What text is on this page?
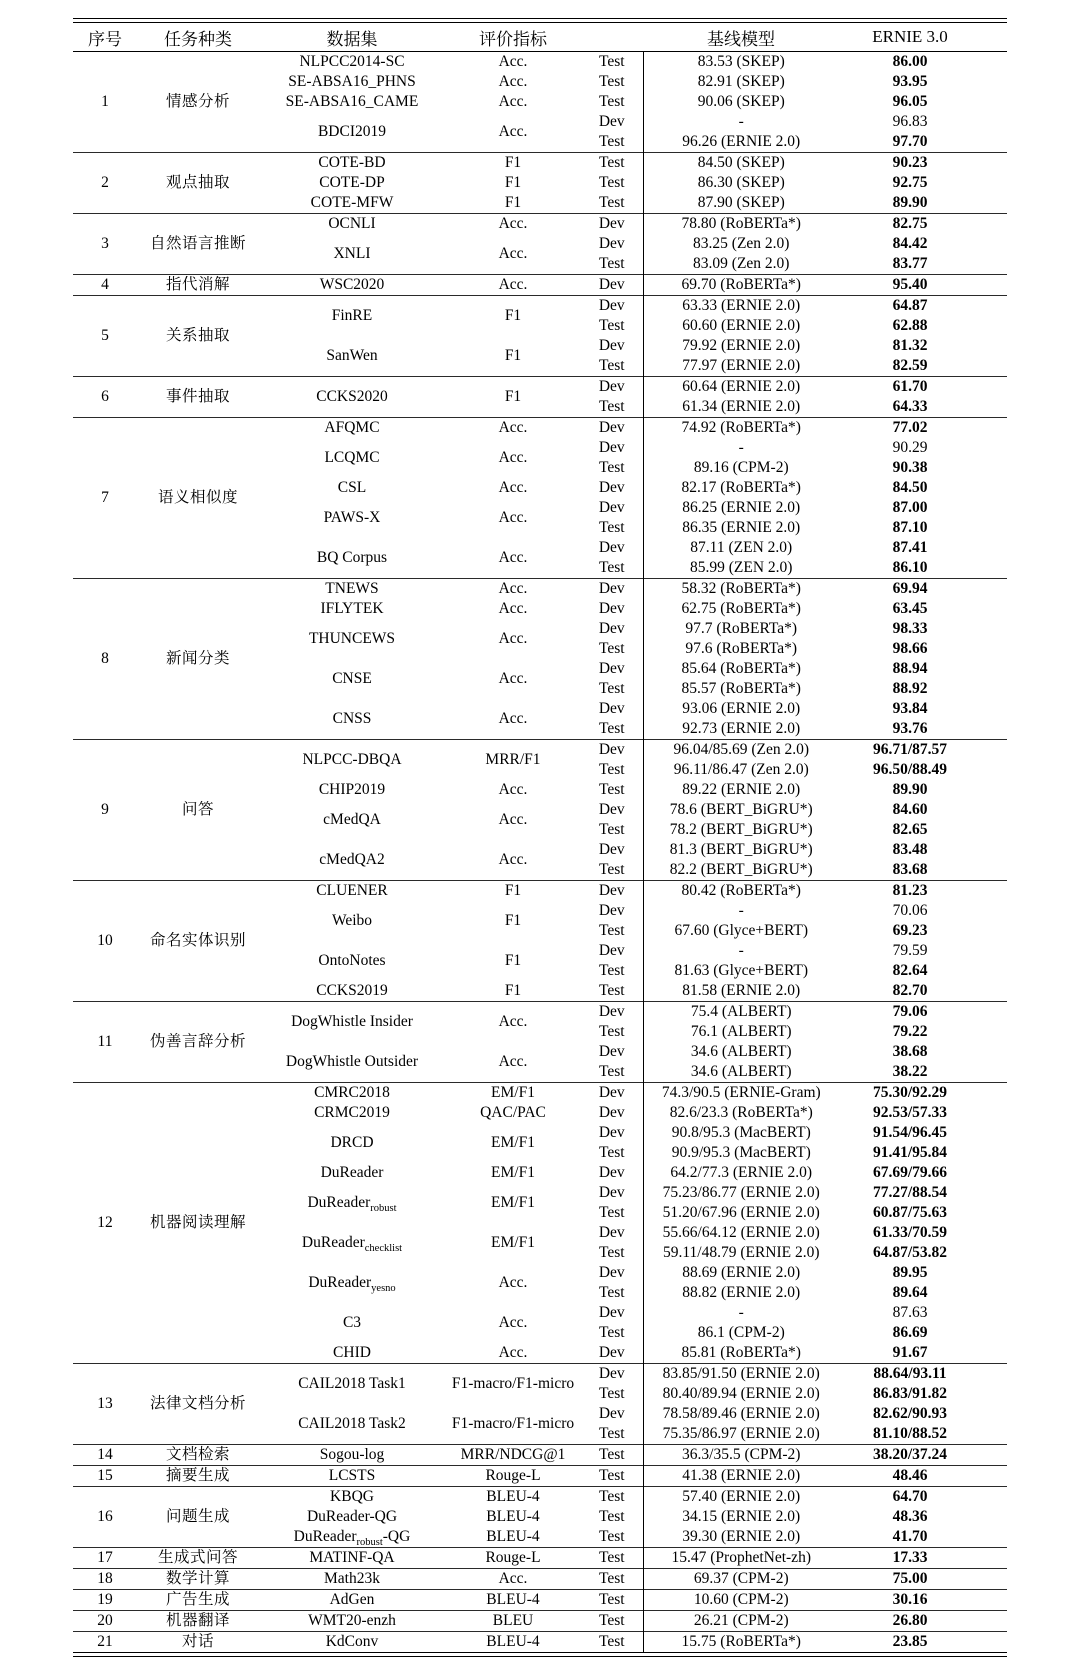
序号	任务种类	数据集	评价指标		基线模型	ERNIE 3.0
1	情感分析	NLPCC2014-SC	Acc.	Test	83.53 (SKEP)	86.00
		SE-ABSA16_PHNS	Acc.	Test	82.91 (SKEP)	93.95
		SE-ABSA16_CAME	Acc.	Test	90.06 (SKEP)	96.05
		BDCI2019	Acc.	Dev	-	96.83
				Test	96.26 (ERNIE 2.0)	97.70
2	观点抽取	COTE-BD	F1	Test	84.50 (SKEP)	90.23
		COTE-DP	F1	Test	86.30 (SKEP)	92.75
		COTE-MFW	F1	Test	87.90 (SKEP)	89.90
3	自然语言推断	OCNLI	Acc.	Dev	78.80 (RoBERTa*)	82.75
		XNLI	Acc.	Dev	83.25 (Zen 2.0)	84.42
				Test	83.09 (Zen 2.0)	83.77
4	指代消解	WSC2020	Acc.	Dev	69.70 (RoBERTa*)	95.40
5	关系抽取	FinRE	F1	Dev	63.33 (ERNIE 2.0)	64.87
				Test	60.60 (ERNIE 2.0)	62.88
		SanWen	F1	Dev	79.92 (ERNIE 2.0)	81.32
				Test	77.97 (ERNIE 2.0)	82.59
6	事件抽取	CCKS2020	F1	Dev	60.64 (ERNIE 2.0)	61.70
				Test	61.34 (ERNIE 2.0)	64.33
7	语义相似度	AFQMC	Acc.	Dev	74.92 (RoBERTa*)	77.02
		LCQMC	Acc.	Dev	-	90.29
				Test	89.16 (CPM-2)	90.38
		CSL	Acc.	Dev	82.17 (RoBERTa*)	84.50
		PAWS-X	Acc.	Dev	86.25 (ERNIE 2.0)	87.00
				Test	86.35 (ERNIE 2.0)	87.10
		BQ Corpus	Acc.	Dev	87.11 (ZEN 2.0)	87.41
				Test	85.99 (ZEN 2.0)	86.10
8	新闻分类	TNEWS	Acc.	Dev	58.32 (RoBERTa*)	69.94
		IFLYTEK	Acc.	Dev	62.75 (RoBERTa*)	63.45
		THUNCEWS	Acc.	Dev	97.7 (RoBERTa*)	98.33
				Test	97.6 (RoBERTa*)	98.66
		CNSE	Acc.	Dev	85.64 (RoBERTa*)	88.94
				Test	85.57 (RoBERTa*)	88.92
		CNSS	Acc.	Dev	93.06 (ERNIE 2.0)	93.84
				Test	92.73 (ERNIE 2.0)	93.76
9	问答	NLPCC-DBQA	MRR/F1	Dev	96.04/85.69 (Zen 2.0)	96.71/87.57
				Test	96.11/86.47 (Zen 2.0)	96.50/88.49
		CHIP2019	Acc.	Test	89.22 (ERNIE 2.0)	89.90
		cMedQA	Acc.	Dev	78.6 (BERT_BiGRU*)	84.60
				Test	78.2 (BERT_BiGRU*)	82.65
		cMedQA2	Acc.	Dev	81.3 (BERT_BiGRU*)	83.48
				Test	82.2 (BERT_BiGRU*)	83.68
10	命名实体识别	CLUENER	F1	Dev	80.42 (RoBERTa*)	81.23
		Weibo	F1	Dev	-	70.06
				Test	67.60 (Glyce+BERT)	69.23
		OntoNotes	F1	Dev	-	79.59
				Test	81.63 (Glyce+BERT)	82.64
		CCKS2019	F1	Test	81.58 (ERNIE 2.0)	82.70
11	伪善言辞分析	DogWhistle Insider	Acc.	Dev	75.4 (ALBERT)	79.06
				Test	76.1 (ALBERT)	79.22
		DogWhistle Outsider	Acc.	Dev	34.6 (ALBERT)	38.68
				Test	34.6 (ALBERT)	38.22
12	机器阅读理解	CMRC2018	EM/F1	Dev	74.3/90.5 (ERNIE-Gram)	75.30/92.29
		CRMC2019	QAC/PAC	Dev	82.6/23.3 (RoBERTa*)	92.53/57.33
		DRCD	EM/F1	Dev	90.8/95.3 (MacBERT)	91.54/96.45
				Test	90.9/95.3 (MacBERT)	91.41/95.84
		DuReader	EM/F1	Dev	64.2/77.3 (ERNIE 2.0)	67.69/79.66
		DuReader$_{robust}$	EM/F1	Dev	75.23/86.77 (ERNIE 2.0)	77.27/88.54
				Test	51.20/67.96 (ERNIE 2.0)	60.87/75.63
		DuReader$_{checklist}$	EM/F1	Dev	55.66/64.12 (ERNIE 2.0)	61.33/70.59
				Test	59.11/48.79 (ERNIE 2.0)	64.87/53.82
		DuReader$_{yesno}$	Acc.	Dev	88.69 (ERNIE 2.0)	89.95
				Test	88.82 (ERNIE 2.0)	89.64
		C3	Acc.	Dev	-	87.63
				Test	86.1 (CPM-2)	86.69
		CHID	Acc.	Dev	85.81 (RoBERTa*)	91.67
13	法律文档分析	CAIL2018 Task1	F1-macro/F1-micro	Dev	83.85/91.50 (ERNIE 2.0)	88.64/93.11
				Test	80.40/89.94 (ERNIE 2.0)	86.83/91.82
		CAIL2018 Task2	F1-macro/F1-micro	Dev	78.58/89.46 (ERNIE 2.0)	82.62/90.93
				Test	75.35/86.97 (ERNIE 2.0)	81.10/88.52
14	文档检索	Sogou-log	MRR/NDCG@1	Test	36.3/35.5 (CPM-2)	38.20/37.24
15	摘要生成	LCSTS	Rouge-L	Test	41.38 (ERNIE 2.0)	48.46
16	问题生成	KBQG	BLEU-4	Test	57.40 (ERNIE 2.0)	64.70
		DuReader-QG	BLEU-4	Test	34.15 (ERNIE 2.0)	48.36
		DuReader$_{robust}$-QG	BLEU-4	Test	39.30 (ERNIE 2.0)	41.70
17	生成式问答	MATINF-QA	Rouge-L	Test	15.47 (ProphetNet-zh)	17.33
18	数学计算	Math23k	Acc.	Test	69.37 (CPM-2)	75.00
19	广告生成	AdGen	BLEU-4	Test	10.60 (CPM-2)	30.16
20	机器翻译	WMT20-enzh	BLEU	Test	26.21 (CPM-2)	26.80
21	对话	KdConv	BLEU-4	Test	15.75 (RoBERTa*)	23.85
